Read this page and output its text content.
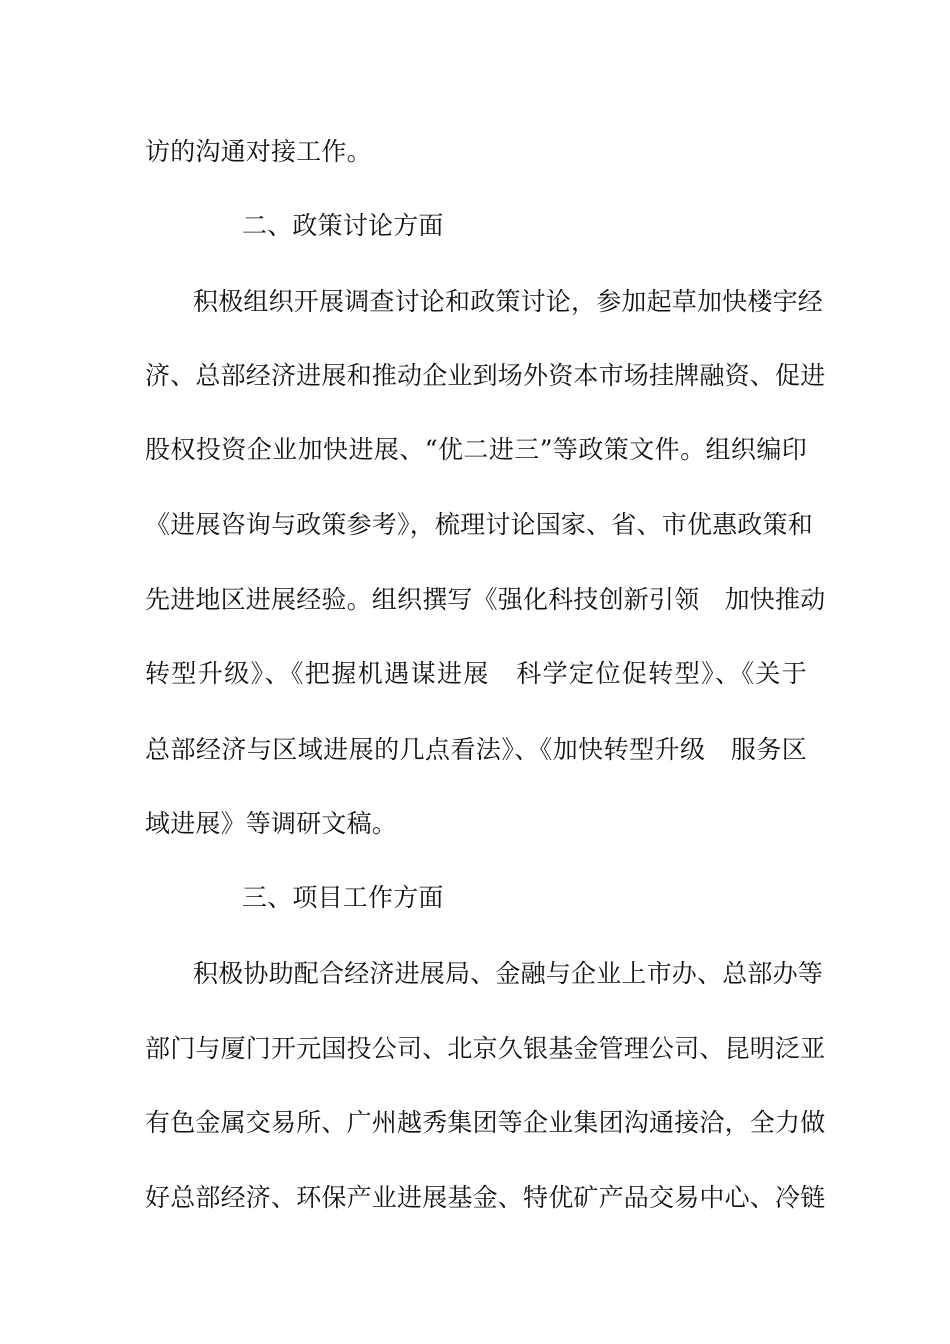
访的沟通对接工作。
二、政策讨论方面
积极组织开展调查讨论和政策讨论，参加起草加快楼宇经
济、总部经济进展和推动企业到场外资本市场挂牌融资、促进
股权投资企业加快进展、“优二进三”等政策文件。组织编印
《进展咨询与政策参考》，梳理讨论国家、省、市优惠政策和
先进地区进展经验。组织撰写《强化科技创新引领　加快推动
转型升级》、《把握机遇谋进展　科学定位促转型》、《关于
总部经济与区域进展的几点看法》、《加快转型升级　服务区
域进展》等调研文稿。
三、项目工作方面
积极协助配合经济进展局、金融与企业上市办、总部办等
部门与厦门开元国投公司、北京久银基金管理公司、昆明泛亚
有色金属交易所、广州越秀集团等企业集团沟通接洽，全力做
好总部经济、环保产业进展基金、特优矿产品交易中心、冷链
